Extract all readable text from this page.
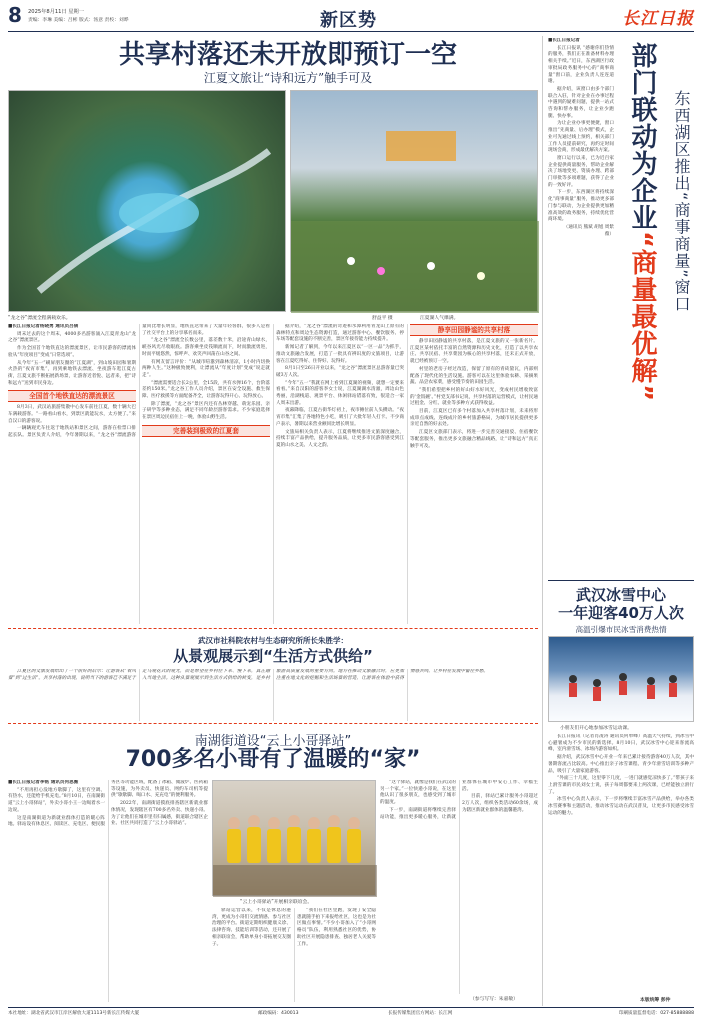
8 2025年8月11日 星期一
责编：李琳 美编：吕彬 版式：汤意 责校：刘晔	新区势	长江日报
共享村落还未开放即预订一空
江夏文旅让“诗和远方”触手可及
“龙之谷”漂流全程满载欢乐。	舒益平 摄	江夏湖人气爆满。

■长江日报记者杨晓勇 通讯员吕倩

周末过去的这个周末，4000多名游客涌入江夏青龙山“龙之谷”漂流景区。

作为全国首个地铁直达的漂流景区，让市民游客的漂流体验从“年度项目”变成“日常选项”。

从今年“五一”刷屏朋友圈的“江夏湖”，到山坡田园和暑期火热的“夜宵市集”，再到乘地铁去漂流、坐夜游车逛江夏古街，江夏文旅不断拓展新场景，让游客近者悦、远者来，把“诗和远方”送到市民身边。

全国首个地铁直达的漂流景区

8月3日，武汉站旅游集散中心发车前往江夏，数十辆大巴车满载游客。“一路看山看水，到景区就能玩水，太方便了。”来自汉口的游客说。

一辆辆观光车往返于地铁站和景区之间，游客在检票口排起长队。景区负责人介绍，今年暑期以来，“龙之谷”漂流游客量同比增长明显，地铁直达带来了大量年轻客群，很多人是看了社交平台上的分享慕名而来。

“龙之谷”漂流全长数公里，落差数十米，沿途青山绿水，峡谷风光尽收眼底。游客乘坐皮筏顺流而下，时而激流勇进，时而平缓悠然，惊呼声、欢笑声回荡在山谷之间。

有网友留言评价：“从城市喧嚣到森林清凉，1小时内切换两种人生。”这种极致便利，让漂流从“年度计划”变成“说走就走”。

“漂流需要适合长2公里，全15段，共有水弹16个，台阶落差约150米。”龙之谷工作人员介绍，景区在安全设施、救生保障、医疗救援等方面配备齐全，让游客玩得开心、玩得放心。

除了漂流，“龙之谷”景区内还有丛林穿越、萌宠乐园、亲子研学等多种业态，满足不同年龄层游客需求。不少家庭选择在景区周边民宿住上一晚，体验山野生活。

完善装到极致的江夏套

据介绍，“龙之谷”漂流的奇迹和水潭利用青龙山上原有的森林特点和周边生态资源打造，通过游客中心、餐饮服务、停车场等配套设施的不断完善，景区年接待能力持续提升。

新闻记者了解到，今年以来江夏区以“一区一品”为抓手，推动文旅融合发展，打造了一批具有辨识度的文旅项目，让游客在江夏吃得好、住得好、玩得好。

8月1日至26日开业以来，“龙之谷”漂流景区总游客量已突破3万人次。

“今年”五一”我就在网上看到江夏湖的视频，就想一定要来看看。”来自汉阳的游客李女士说，江夏湖湖水清澈，周边山色秀丽，沿湖栈道、观景平台、休闲驿站错落有致，很适合一家人周末出游。

夜幕降临，江夏古街华灯初上，夜市摊位前人头攒动。“夜宵市集”汇集了各地特色小吃，吸引了大批年轻人打卡。不少商户表示，暑期以来营业额同比增长明显。

文旅局相关负责人表示，江夏将继续推进文旅深度融合，持续丰富产品供给，提升服务品质，让更多市民游客感受到江夏的山水之美、人文之韵。

静享田园静谧的共享村落

静享田园静谧的共享村落，是江夏文旅的又一张新名片。江夏区某村依托丰富的自然资源和历史文化，打造了以共享农庄、共享民宿、共享菜园为核心的共享村落，还未正式开放，就已经被预订一空。

村里的老房子经过改造，保留了原有的青砖黛瓦，内部则配备了现代化的生活设施。游客可以在这里体验农耕、采摘果蔬、品尝农家菜，感受慢节奏的田园生活。

“我们希望把乡村的好山好水好风光，变成村民增收致富的‘金饭碗’。”村党支部书记说，共享村落的运营模式，让村民通过租金、分红、就业等多种方式获得收益。

目前，江夏区已有多个村落加入共享村落计划，未来将形成串点成线、连线成片的乡村旅游格局，为城市居民提供更多亲近自然的好去处。

江夏区文旅部门表示，将进一步完善交通接驳、住宿餐饮等配套服务，推出更多文旅融合精品线路，让“诗和远方”真正触手可及。

武汉市社科院农村与生态研究所所长朱胜学：
从景观展示到“生活方式供给”

江夏区的文旅发展给出了一个很好的启示：让游客从“看风景”到“过生活”。共享村落的出现，说明当下的游客已不满足于走马观花式的观光，而是希望在乡村住下来、慢下来，真正融入当地生活。这种从景观展示到生活方式供给的转变，是乡村旅游高质量发展的重要方向。地方在推动文旅融合时，应更加注重在地文化的挖掘和生活场景的营造，让游客在体验中获得情感共鸣，让乡村在发展中留住乡愁。

南湖街道设“云上小哥驿站”
700多名小哥有了温暖的“家”

■长江日报记者李铭 通讯员何思薇

“不用再担心没地方歇脚了，这里有空调、有热水，还能给手机充电。”8月10日，在南湖街道“云上小哥驿站”，外卖小哥小王一边喝着水一边说。

这是南湖街道为新就业群体打造的暖心阵地。驿站设有休息区、阅读区、充电区、便民服务区等功能区域，配备了冰箱、微波炉、医药箱等设施，为外卖员、快递员、网约车司机等提供“歇歇脚、喝口水、充充电”的便利服务。

2022年，南湖街道摸底排查辖区新就业群体情况，发现辖区有700多名外卖、快递小哥。为了让他们在城市里有归属感，街道联合辖区企业、社区共同打造了“云上小哥驿站”。

“云上小哥驿站”开展相亲联谊会。

驿站运营以来，不仅是休息的港湾，更成为小哥们交流情感、参与社区治理的平台。街道定期组织健康义诊、法律咨询、技能培训等活动，还开展了相亲联谊会，帮助单身小哥拓展交友圈子。

“我们在社区里跑，发现了安全隐患就随手拍下来报给社区，这也是为社区做点事情。”不少小哥加入了“小哥网格员”队伍，利用熟悉社区的优势，协助社区开展隐患排查、独居老人关爱等工作。

“这个驿站，就像是我们在武汉的另一个家。”一位快递小哥说，在这里他认识了很多朋友，也感受到了城市的温度。

下一步，南湖街道将继续完善驿站功能，推出更多暖心服务，让新就业群体在城市中安心工作、幸福生活。

目前，驿站已累计服务小哥超过2万人次，组织各类活动60余场，成为辖区新就业群体的温馨港湾。

（参与写写：朱嘉敏）

■长江日报记者

长江日报讯 “感谢你们热情的服务，我们正在准备材料办理相关手续。”近日，东西湖区行政审批局政务服务中心的“商事商量”窗口前，企业负责人连连道谢。

据介绍，该窗口由多个部门联合入驻，针对企业在办事过程中遇到的疑难问题，提供一站式咨询和帮办服务，让企业少跑腿、快办事。

为让企业办事更便捷，窗口推出“先商量、后办理”模式，企业可先通过线上预约，相关部门工作人员提前研究，再约定时间现场会商，形成最优解决方案。

窗口运行以来，已为近百家企业提供商量服务，帮助企业解决了场地变更、资质办理、跨部门审批等多项难题，获得了企业的一致好评。

下一步，东西湖区将持续深化“商事商量”服务，推动更多部门参与联动，为企业提供更加精准高效的政务服务，持续优化营商环境。

（通讯员 熊斌 胡旭 周紫薇）

部门联动为企业“商量最优解”
东西湖区推出“商事商量”窗口
武汉冰雪中心
一年迎客40万人次
高温引爆市民冰雪消费热情
小朋友们开心地参加冰雪运动课。

长江日报讯（记者肖凌涛 通讯员何单峰）高温天气持续，到冰雪中心避暑成为不少市民的新选择。8月10日，武汉冰雪中心迎来客流高峰，室内滑雪场、冰场内游客如织。

据介绍，武汉冰雪中心开业一年来已累计接待游客40万人次，其中暑期客流占比较高。中心推出亲子冰雪课程、青少年滑雪培训等多种产品，吸引了大量家庭游客。

“外面三十几度，这里零下几度，一进门就感觉凉快多了。”带孩子来上滑雪课的市民刘女士说，孩子每周都要来上两次课，已经能独立滑行了。

冰雪中心负责人表示，下一步将继续丰富冰雪产品供给，举办各类冰雪赛事和主题活动，推动冰雪运动在武汉普及，让更多市民感受冰雪运动的魅力。

本版统筹 彭仲
本社地址：湖北省武汉市江岸区解放大道1113号新长江传媒大厦	邮政编码：430013	长报传媒集团官方网站：长江网	印刷质量监督电话：027-85888888
